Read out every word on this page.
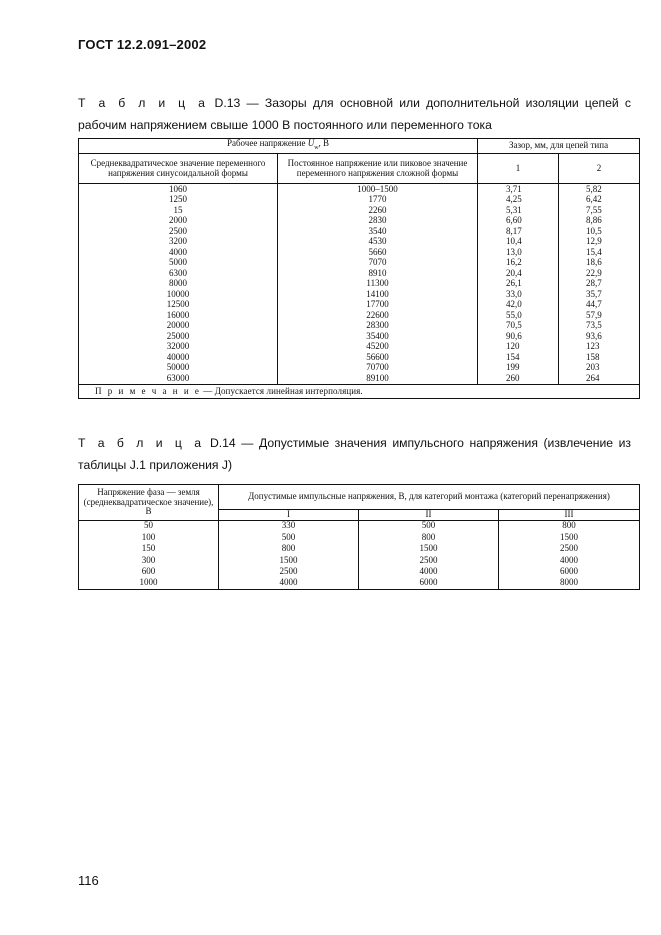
ГОСТ 12.2.091–2002
Т а б л и ц а D.13 — Зазоры для основной или дополнительной изоляции цепей с рабочим напряжением свыше 1000 В постоянного или переменного тока
Рабочее напряжение $U_w$, В		Зазор, мм, для цепей типа	
Среднеквадратическое значение переменного напряжения синусоидальной формы	Постоянное напряжение или пиковое значение переменного напряжения сложной формы	1	2
1060	1000–1500	3,71	5,82
1250	1770	4,25	6,42
15	2260	5,31	7,55
2000	2830	6,60	8,86
2500	3540	8,17	10,5
3200	4530	10,4	12,9
4000	5660	13,0	15,4
5000	7070	16,2	18,6
6300	8910	20,4	22,9
8000	11300	26,1	28,7
10000	14100	33,0	35,7
12500	17700	42,0	44,7
16000	22600	55,0	57,9
20000	28300	70,5	73,5
25000	35400	90,6	93,6
32000	45200	120	123
40000	56600	154	158
50000	70700	199	203
63000	89100	260	264
П р и м е ч а н и е — Допускается линейная интерполяция.			
Т а б л и ц а D.14 — Допустимые значения импульсного напряжения (извлечение из таблицы J.1 приложения J)
Напряжение фаза — земля (среднеквадратическое значение), В	Допустимые импульсные напряжения, В, для категорий монтажа (категорий перенапряжения)		
	I	II	III
50	330	500	800
100	500	800	1500
150	800	1500	2500
300	1500	2500	4000
600	2500	4000	6000
1000	4000	6000	8000
116
